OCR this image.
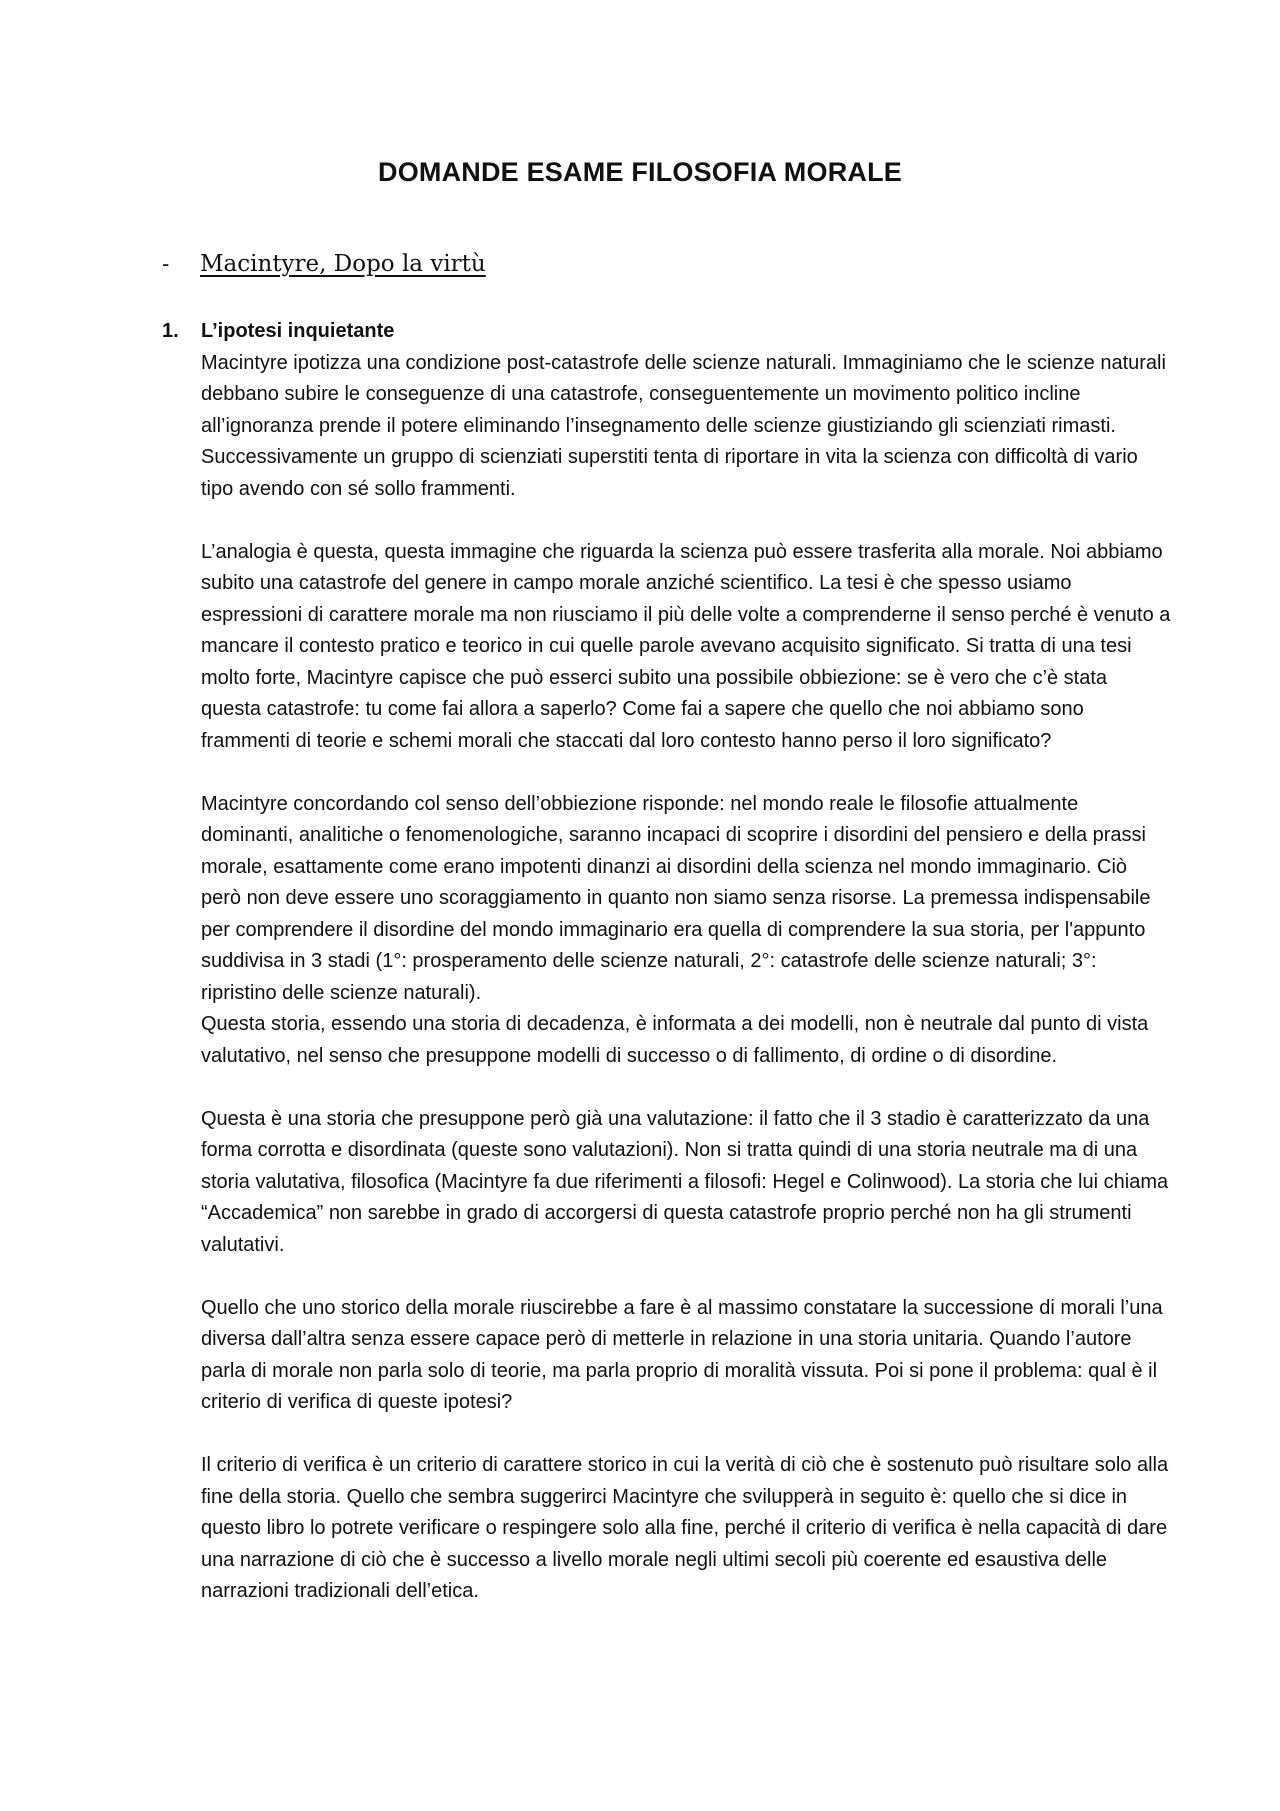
DOMANDE ESAME FILOSOFIA MORALE
- Macintyre, Dopo la virtù
1. L’ipotesi inquietante

Macintyre ipotizza una condizione post-catastrofe delle scienze naturali. Immaginiamo che le scienze naturali debbano subire le conseguenze di una catastrofe, conseguentemente un movimento politico incline all’ignoranza prende il potere eliminando l’insegnamento delle scienze giustiziando gli scienziati rimasti. Successivamente un gruppo di scienziati superstiti tenta di riportare in vita la scienza con difficoltà di vario tipo avendo con sé sollo frammenti.

L’analogia è questa, questa immagine che riguarda la scienza può essere trasferita alla morale. Noi abbiamo subito una catastrofe del genere in campo morale anziché scientifico. La tesi è che spesso usiamo espressioni di carattere morale ma non riusciamo il più delle volte a comprenderne il senso perché è venuto a mancare il contesto pratico e teorico in cui quelle parole avevano acquisito significato. Si tratta di una tesi molto forte, Macintyre capisce che può esserci subito una possibile obbiezione: se è vero che c’è stata questa catastrofe: tu come fai allora a saperlo? Come fai a sapere che quello che noi abbiamo sono frammenti di teorie e schemi morali che staccati dal loro contesto hanno perso il loro significato?

Macintyre concordando col senso dell’obbiezione risponde: nel mondo reale le filosofie attualmente dominanti, analitiche o fenomenologiche, saranno incapaci di scoprire i disordini del pensiero e della prassi morale, esattamente come erano impotenti dinanzi ai disordini della scienza nel mondo immaginario. Ciò però non deve essere uno scoraggiamento in quanto non siamo senza risorse. La premessa indispensabile per comprendere il disordine del mondo immaginario era quella di comprendere la sua storia, per l'appunto suddivisa in 3 stadi (1°: prosperamento delle scienze naturali, 2°: catastrofe delle scienze naturali; 3°: ripristino delle scienze naturali).

Questa storia, essendo una storia di decadenza, è informata a dei modelli, non è neutrale dal punto di vista valutativo, nel senso che presuppone modelli di successo o di fallimento, di ordine o di disordine.

Questa è una storia che presuppone però già una valutazione: il fatto che il 3 stadio è caratterizzato da una forma corrotta e disordinata (queste sono valutazioni). Non si tratta quindi di una storia neutrale ma di una storia valutativa, filosofica (Macintyre fa due riferimenti a filosofi: Hegel e Colinwood). La storia che lui chiama “Accademica” non sarebbe in grado di accorgersi di questa catastrofe proprio perché non ha gli strumenti valutativi.

Quello che uno storico della morale riuscirebbe a fare è al massimo constatare la successione di morali l’una diversa dall’altra senza essere capace però di metterle in relazione in una storia unitaria. Quando l’autore parla di morale non parla solo di teorie, ma parla proprio di moralità vissuta. Poi si pone il problema: qual è il criterio di verifica di queste ipotesi?

Il criterio di verifica è un criterio di carattere storico in cui la verità di ciò che è sostenuto può risultare solo alla fine della storia. Quello che sembra suggerirci Macintyre che svilupperà in seguito è: quello che si dice in questo libro lo potrete verificare o respingere solo alla fine, perché il criterio di verifica è nella capacità di dare una narrazione di ciò che è successo a livello morale negli ultimi secoli più coerente ed esaustiva delle narrazioni tradizionali dell’etica.
